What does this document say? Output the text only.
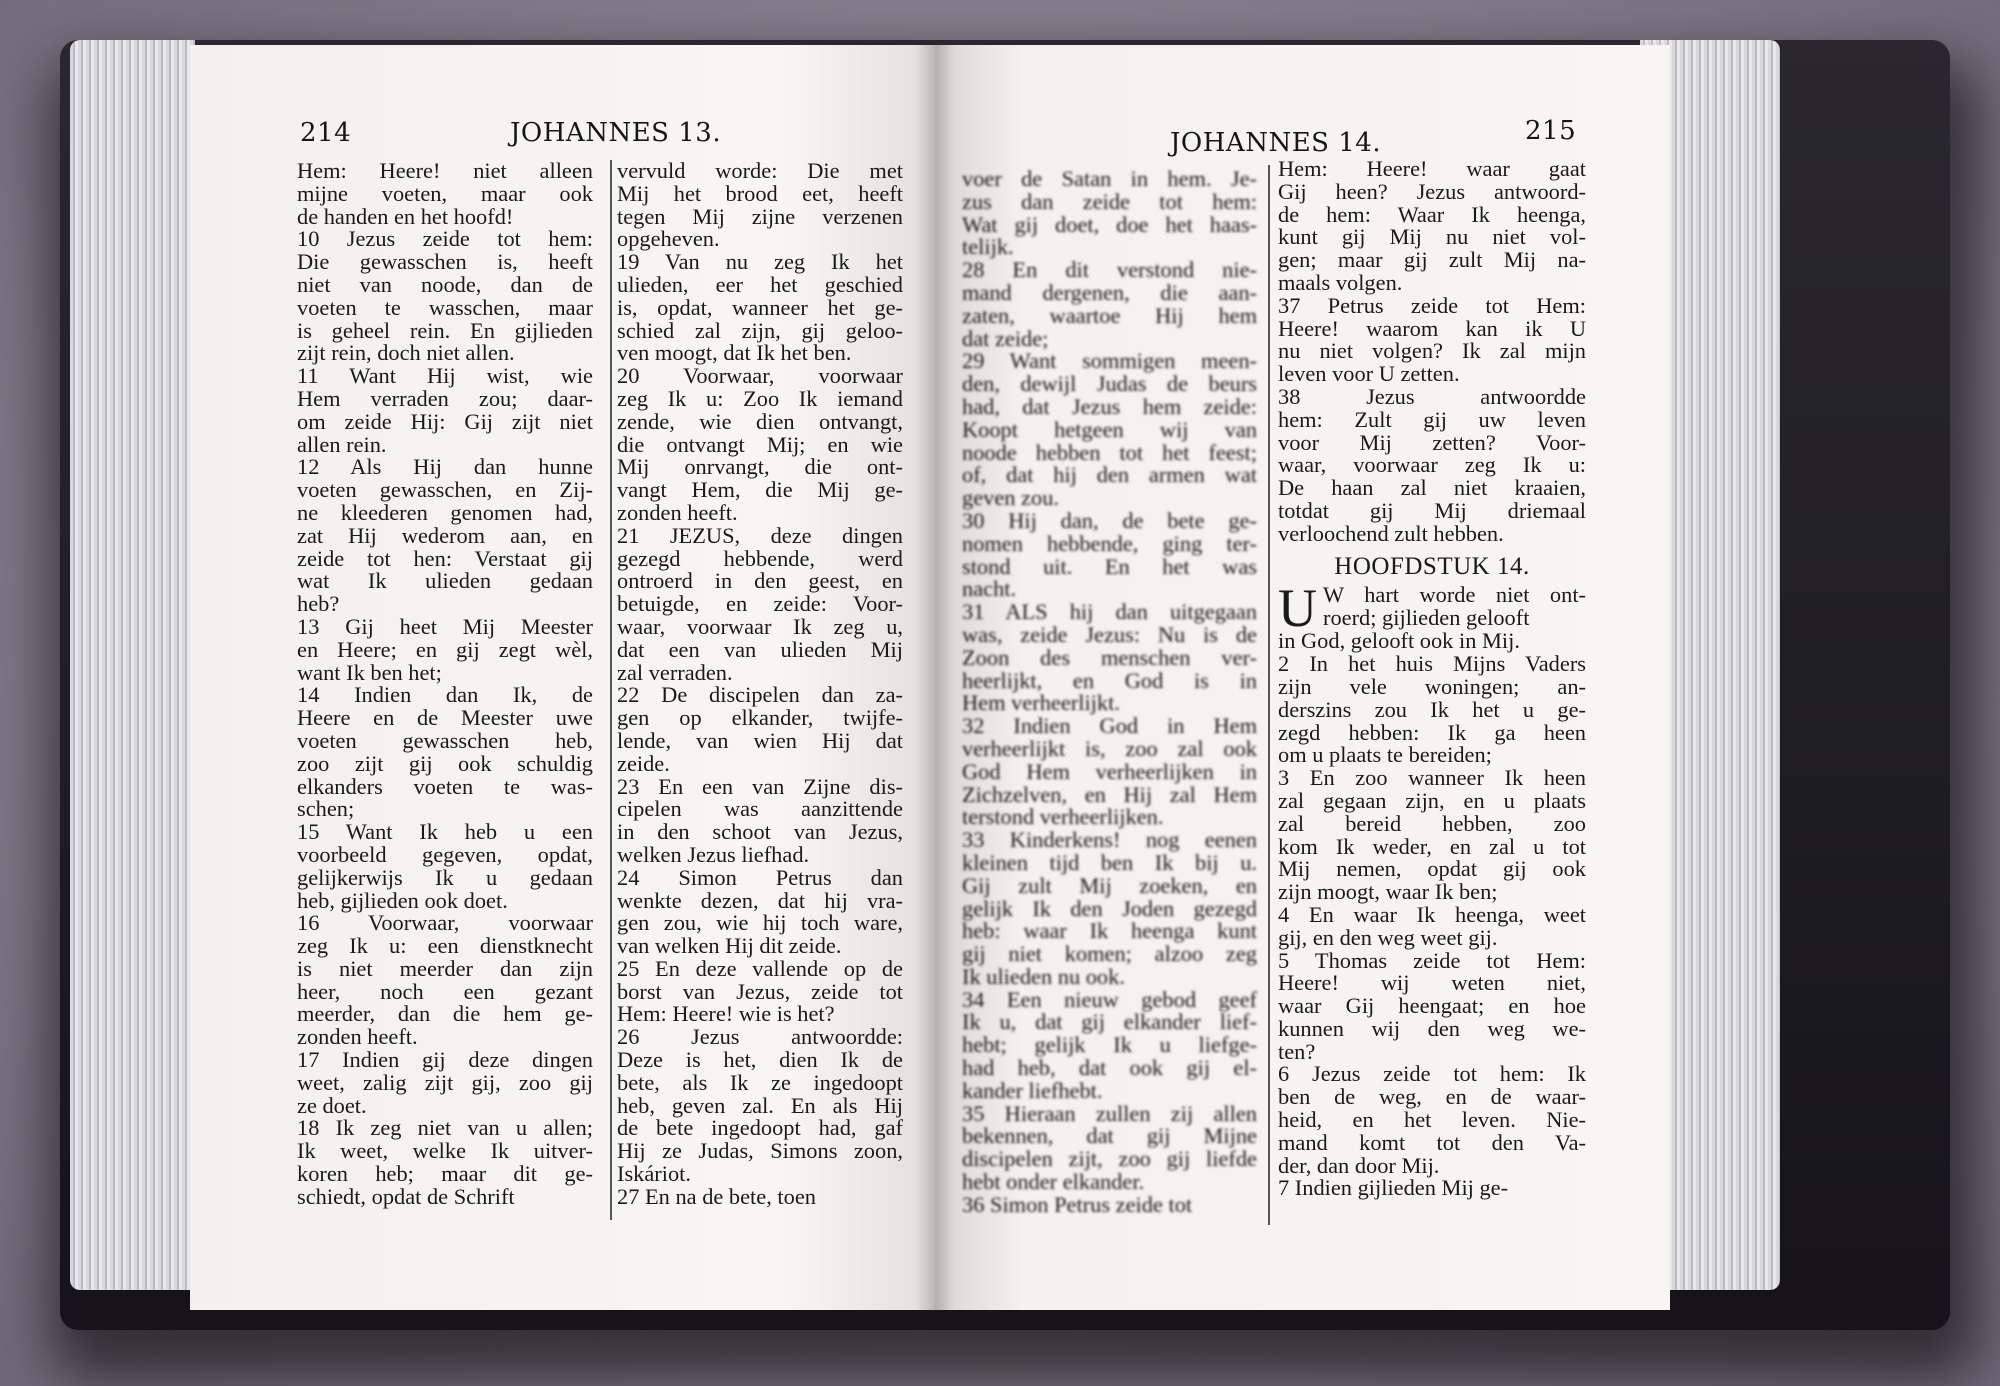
214	JOHANNES 13.	JOHANNES 14.	215
Hem: Heere! niet alleen
mijne voeten, maar ook
de handen en het hoofd!
10 Jezus zeide tot hem:
Die gewasschen is, heeft
niet van noode, dan de
voeten te wasschen, maar
is geheel rein. En gijlieden
zijt rein, doch niet allen.
11 Want Hij wist, wie
Hem verraden zou; daar-
om zeide Hij: Gij zijt niet
allen rein.
12 Als Hij dan hunne
voeten gewasschen, en Zij-
ne kleederen genomen had,
zat Hij wederom aan, en
zeide tot hen: Verstaat gij
wat Ik ulieden gedaan
heb?
13 Gij heet Mij Meester
en Heere; en gij zegt wèl,
want Ik ben het;
14 Indien dan Ik, de
Heere en de Meester uwe
voeten gewasschen heb,
zoo zijt gij ook schuldig
elkanders voeten te was-
schen;
15 Want Ik heb u een
voorbeeld gegeven, opdat,
gelijkerwijs Ik u gedaan
heb, gijlieden ook doet.
16 Voorwaar, voorwaar
zeg Ik u: een dienstknecht
is niet meerder dan zijn
heer, noch een gezant
meerder, dan die hem ge-
zonden heeft.
17 Indien gij deze dingen
weet, zalig zijt gij, zoo gij
ze doet.
18 Ik zeg niet van u allen;
Ik weet, welke Ik uitver-
koren heb; maar dit ge-
schiedt, opdat de Schrift
vervuld worde: Die met
Mij het brood eet, heeft
tegen Mij zijne verzenen
opgeheven.
19 Van nu zeg Ik het
ulieden, eer het geschied
is, opdat, wanneer het ge-
schied zal zijn, gij geloo-
ven moogt, dat Ik het ben.
20 Voorwaar, voorwaar
zeg Ik u: Zoo Ik iemand
zende, wie dien ontvangt,
die ontvangt Mij; en wie
Mij onrvangt, die ont-
vangt Hem, die Mij ge-
zonden heeft.
21 JEZUS, deze dingen
gezegd hebbende, werd
ontroerd in den geest, en
betuigde, en zeide: Voor-
waar, voorwaar Ik zeg u,
dat een van ulieden Mij
zal verraden.
22 De discipelen dan za-
gen op elkander, twijfe-
lende, van wien Hij dat
zeide.
23 En een van Zijne dis-
cipelen was aanzittende
in den schoot van Jezus,
welken Jezus liefhad.
24 Simon Petrus dan
wenkte dezen, dat hij vra-
gen zou, wie hij toch ware,
van welken Hij dit zeide.
25 En deze vallende op de
borst van Jezus, zeide tot
Hem: Heere! wie is het?
26 Jezus antwoordde:
Deze is het, dien Ik de
bete, als Ik ze ingedoopt
heb, geven zal. En als Hij
de bete ingedoopt had, gaf
Hij ze Judas, Simons zoon,
Iskáriot.
27 En na de bete, toen
voer de Satan in hem. Je-
zus dan zeide tot hem:
Wat gij doet, doe het haas-
telijk.
28 En dit verstond nie-
mand dergenen, die aan-
zaten, waartoe Hij hem
dat zeide;
29 Want sommigen meen-
den, dewijl Judas de beurs
had, dat Jezus hem zeide:
Koopt hetgeen wij van
noode hebben tot het feest;
of, dat hij den armen wat
geven zou.
30 Hij dan, de bete ge-
nomen hebbende, ging ter-
stond uit. En het was
nacht.
31 ALS hij dan uitgegaan
was, zeide Jezus: Nu is de
Zoon des menschen ver-
heerlijkt, en God is in
Hem verheerlijkt.
32 Indien God in Hem
verheerlijkt is, zoo zal ook
God Hem verheerlijken in
Zichzelven, en Hij zal Hem
terstond verheerlijken.
33 Kinderkens! nog eenen
kleinen tijd ben Ik bij u.
Gij zult Mij zoeken, en
gelijk Ik den Joden gezegd
heb: waar Ik heenga kunt
gij niet komen; alzoo zeg
Ik ulieden nu ook.
34 Een nieuw gebod geef
Ik u, dat gij elkander lief-
hebt; gelijk Ik u liefge-
had heb, dat ook gij el-
kander liefhebt.
35 Hieraan zullen zij allen
bekennen, dat gij Mijne
discipelen zijt, zoo gij liefde
hebt onder elkander.
36 Simon Petrus zeide tot
Hem: Heere! waar gaat
Gij heen? Jezus antwoord-
de hem: Waar Ik heenga,
kunt gij Mij nu niet vol-
gen; maar gij zult Mij na-
maals volgen.
37 Petrus zeide tot Hem:
Heere! waarom kan ik U
nu niet volgen? Ik zal mijn
leven voor U zetten.
38 Jezus antwoordde
hem: Zult gij uw leven
voor Mij zetten? Voor-
waar, voorwaar zeg Ik u:
De haan zal niet kraaien,
totdat gij Mij driemaal
verloochend zult hebben.
HOOFDSTUK 14.
U W hart worde niet ont-
roerd; gijlieden gelooft
in God, gelooft ook in Mij.
2 In het huis Mijns Vaders
zijn vele woningen; an-
derszins zou Ik het u ge-
zegd hebben: Ik ga heen
om u plaats te bereiden;
3 En zoo wanneer Ik heen
zal gegaan zijn, en u plaats
zal bereid hebben, zoo
kom Ik weder, en zal u tot
Mij nemen, opdat gij ook
zijn moogt, waar Ik ben;
4 En waar Ik heenga, weet
gij, en den weg weet gij.
5 Thomas zeide tot Hem:
Heere! wij weten niet,
waar Gij heengaat; en hoe
kunnen wij den weg we-
ten?
6 Jezus zeide tot hem: Ik
ben de weg, en de waar-
heid, en het leven. Nie-
mand komt tot den Va-
der, dan door Mij.
7 Indien gijlieden Mij ge-
